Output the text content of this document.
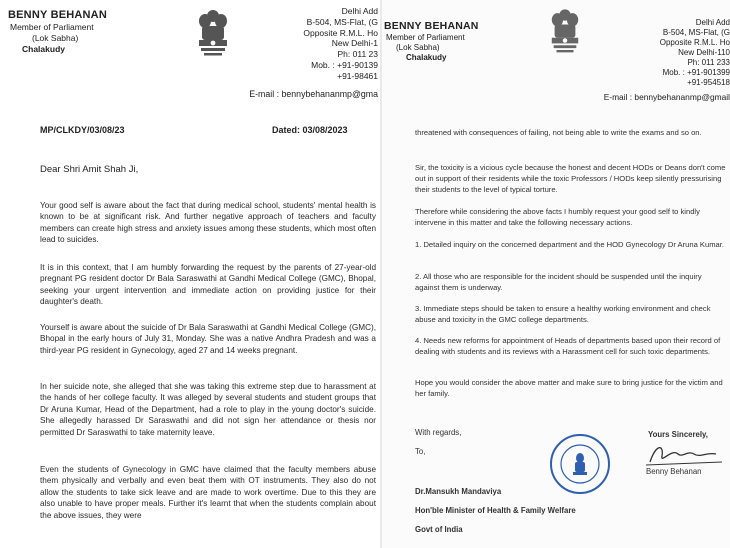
BENNY BEHANAN
Member of Parliament
(Lok Sabha)
Chalakudy
Delhi Add
B-504, MS-Flat, (G
Opposite R.M.L. Ho
New Delhi-1
Ph: 011 23
Mob. : +91-90139
+91-98461
E-mail : bennybehananmp@gma
MP/CLKDY/03/08/23	Dated: 03/08/2023
Dear Shri Amit Shah Ji,
Your good self is aware about the fact that during medical school, students' mental health is known to be at significant risk. And further negative approach of teachers and faculty members can create high stress and anxiety issues among these students, which most often lead to suicides.
It is in this context, that I am humbly forwarding the request by the parents of 27-year-old pregnant PG resident doctor Dr Bala Saraswathi at Gandhi Medical College (GMC), Bhopal, seeking your urgent intervention and immediate action on providing justice for their daughter's death.
Yourself is aware about the suicide of Dr Bala Saraswathi at Gandhi Medical College (GMC), Bhopal in the early hours of July 31, Monday. She was a native Andhra Pradesh and was a third-year PG resident in Gynecology, aged 27 and 14 weeks pregnant.
In her suicide note, she alleged that she was taking this extreme step due to harassment at the hands of her college faculty. It was alleged by several students and student groups that Dr Aruna Kumar, Head of the Department, had a role to play in the young doctor's suicide. She allegedly harassed Dr Saraswathi and did not sign her attendance or thesis nor permitted Dr Saraswathi to take maternity leave.
Even the students of Gynecology in GMC have claimed that the faculty members abuse them physically and verbally and even beat them with OT instruments. They also do not allow the students to take sick leave and are made to work overtime. Due to this they are also unable to have proper meals. Further it's learnt that when the students complain about the above issues, they were
BENNY BEHANAN
Member of Parliament
(Lok Sabha)
Chalakudy
Delhi Add
B-504, MS-Flat, (G
Opposite R.M.L. Ho
New Delhi-110
Ph: 011 233
Mob. : +91-901399
+91-954518
E-mail : bennybehananmp@gmail
threatened with consequences of failing, not being able to write the exams and so on.
Sir, the toxicity is a vicious cycle because the honest and decent HODs or Deans don't come out in support of their residents while the toxic Professors / HODs keep silently pressurising their students to the level of typical torture.
Therefore while considering the above facts I humbly request your good self to kindly intervene in this matter and take the following necessary actions.
1. Detailed inquiry on the concerned department and the HOD Gynecology Dr Aruna Kumar.
2. All those who are responsible for the incident should be suspended until the inquiry against them is underway.
3. Immediate steps should be taken to ensure a healthy working environment and check abuse and toxicity in the GMC college departments.
4. Needs new reforms for appointment of Heads of departments based upon their record of dealing with students and its reviews with a Harassment cell for such toxic departments.
Hope you would consider the above matter and make sure to bring justice for the victim and her family.
With regards,
To,
Yours Sincerely,
Benny Behanan
Dr.Mansukh Mandaviya
Hon'ble Minister of Health & Family Welfare
Govt of India
